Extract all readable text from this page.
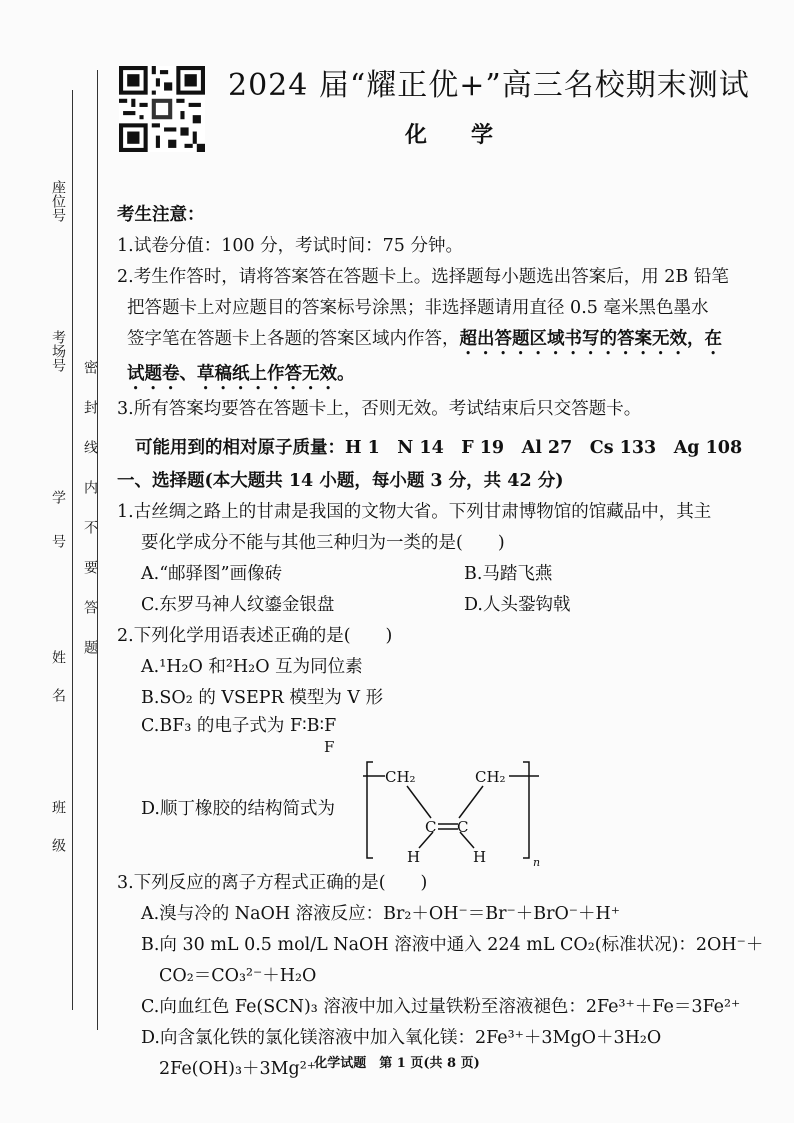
座位号
考场号
学号
姓名
班级
密封线内不要答题
2024 届“耀正优+”高三名校期末测试
化学
考生注意：
1.试卷分值：100 分，考试时间：75 分钟。
2.考生作答时，请将答案答在答题卡上。选择题每小题选出答案后，用 2B 铅笔
把答题卡上对应题目的答案标号涂黑；非选择题请用直径 0.5 毫米黑色墨水
签字笔在答题卡上各题的答案区域内作答，超出答题区域书写的答案无效，在
试题卷、草稿纸上作答无效。
3.所有答案均要答在答题卡上，否则无效。考试结束后只交答题卡。
可能用到的相对原子质量：H 1　N 14　F 19　Al 27　Cs 133　Ag 108
一、选择题(本大题共 14 小题，每小题 3 分，共 42 分)
1.古丝绸之路上的甘肃是我国的文物大省。下列甘肃博物馆的馆藏品中，其主
要化学成分不能与其他三种归为一类的是(　　)
A.“邮驿图”画像砖	B.马踏飞燕
C.东罗马神人纹鎏金银盘	D.人头銎钩戟
2.下列化学用语表述正确的是(　　)
A.¹H₂O 和²H₂O 互为同位素
B.SO₂ 的 VSEPR 模型为 V 形
C.BF₃ 的电子式为 F∶B∶F
F
D.顺丁橡胶的结构简式为
CH₂	CH₂
C C
H	H	n
3.下列反应的离子方程式正确的是(　　)
A.溴与冷的 NaOH 溶液反应：Br₂＋OH⁻＝Br⁻＋BrO⁻＋H⁺
B.向 30 mL 0.5 mol/L NaOH 溶液中通入 224 mL CO₂(标准状况)：2OH⁻＋
CO₂＝CO₃²⁻＋H₂O
C.向血红色 Fe(SCN)₃ 溶液中加入过量铁粉至溶液褪色：2Fe³⁺＋Fe＝3Fe²⁺
D.向含氯化铁的氯化镁溶液中加入氧化镁：2Fe³⁺＋3MgO＋3H₂O
2Fe(OH)₃＋3Mg²⁺
化学试题　第 1 页(共 8 页)
